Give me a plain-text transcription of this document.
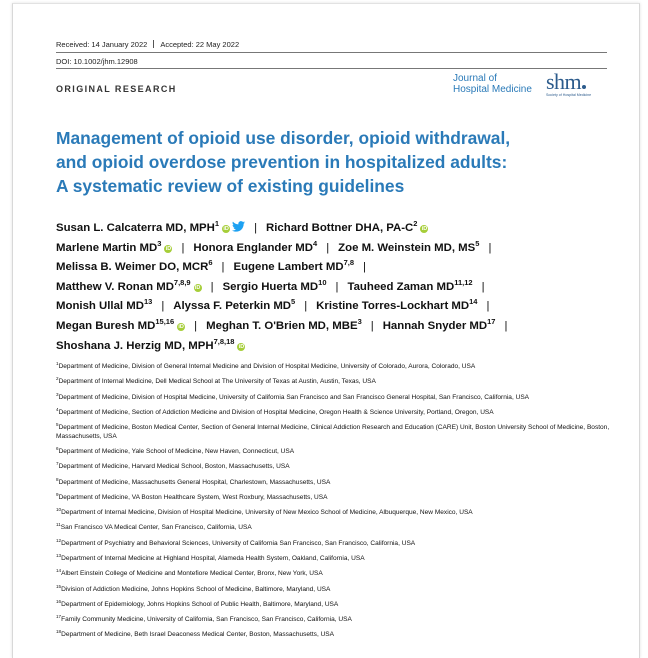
Received: 14 January 2022 Accepted: 22 May 2022
DOI: 10.1002/jhm.12908
ORIGINAL RESEARCH
Journal of
Hospital Medicine shm
Society of Hospital Medicine
Management of opioid use disorder, opioid withdrawal,
and opioid overdose prevention in hospitalized adults:
A systematic review of existing guidelines
Susan L. Calcaterra MD, MPH$^1$iD | Richard Bottner DHA, $PA-C^2iD$
Marlene Martin $MD^3iD$ | Honora Englander $MD^4$ | Zoe M. Weinstein MD, $MS^5$ |
Melissa B. Weimer DO, MCR$^6$ | Eugene Lambert MD$^{7,8}$ |
Matthew V. Ronan MD$^{7,8,9}$iD | Sergio Huerta MD$^{10}$ | Tauheed Zaman MD$^{11,12}$ |
Monish Ullal MD$^{13}$ | Alyssa F. Peterkin $MD^5$ | Kristine Torres-Lockhart MD$^{14}$ |
Megan Buresh MD$^{15,16}$iD | Meghan T. O'Brien MD, MBE$^3$ | Hannah Snyder MD$^{17}$ |
Shoshana J. Herzig MD, MPH$^{7,8,18}$iD
$^1$Department of Medicine, Division of General Internal Medicine and Division of Hospital Medicine, University of Colorado, Aurora, Colorado, USA
$^2$Department of Internal Medicine, Dell Medical School at The University of Texas at Austin, Austin, Texas, USA
$^3$Department of Medicine, Division of Hospital Medicine, University of California San Francisco and San Francisco General Hospital, San Francisco, California, USA
$^4$Department of Medicine, Section of Addiction Medicine and Division of Hospital Medicine, Oregon Health & Science University, Portland, Oregon, USA
$^5$Department of Medicine, Boston Medical Center, Section of General Internal Medicine, Clinical Addiction Research and Education (CARE) Unit, Boston University School of Medicine, Boston, Massachusetts, USA
$^6$Department of Medicine, Yale School of Medicine, New Haven, Connecticut, USA
$^7$Department of Medicine, Harvard Medical School, Boston, Massachusetts, USA
$^8$Department of Medicine, Massachusetts General Hospital, Charlestown, Massachusetts, USA
$^9$Department of Medicine, VA Boston Healthcare System, West Roxbury, Massachusetts, USA
$^{10}$Department of Internal Medicine, Division of Hospital Medicine, University of New Mexico School of Medicine, Albuquerque, New Mexico, USA
$^{11}$San Francisco VA Medical Center, San Francisco, California, USA
$^{12}$Department of Psychiatry and Behavioral Sciences, University of California San Francisco, San Francisco, California, USA
$^{13}$Department of Internal Medicine at Highland Hospital, Alameda Health System, Oakland, California, USA
$^{14}$Albert Einstein College of Medicine and Montefiore Medical Center, Bronx, New York, USA
$^{15}$Division of Addiction Medicine, Johns Hopkins School of Medicine, Baltimore, Maryland, USA
$^{16}$Department of Epidemiology, Johns Hopkins School of Public Health, Baltimore, Maryland, USA
$^{17}$Family Community Medicine, University of California, San Francisco, San Francisco, California, USA
$^{18}$Department of Medicine, Beth Israel Deaconess Medical Center, Boston, Massachusetts, USA
